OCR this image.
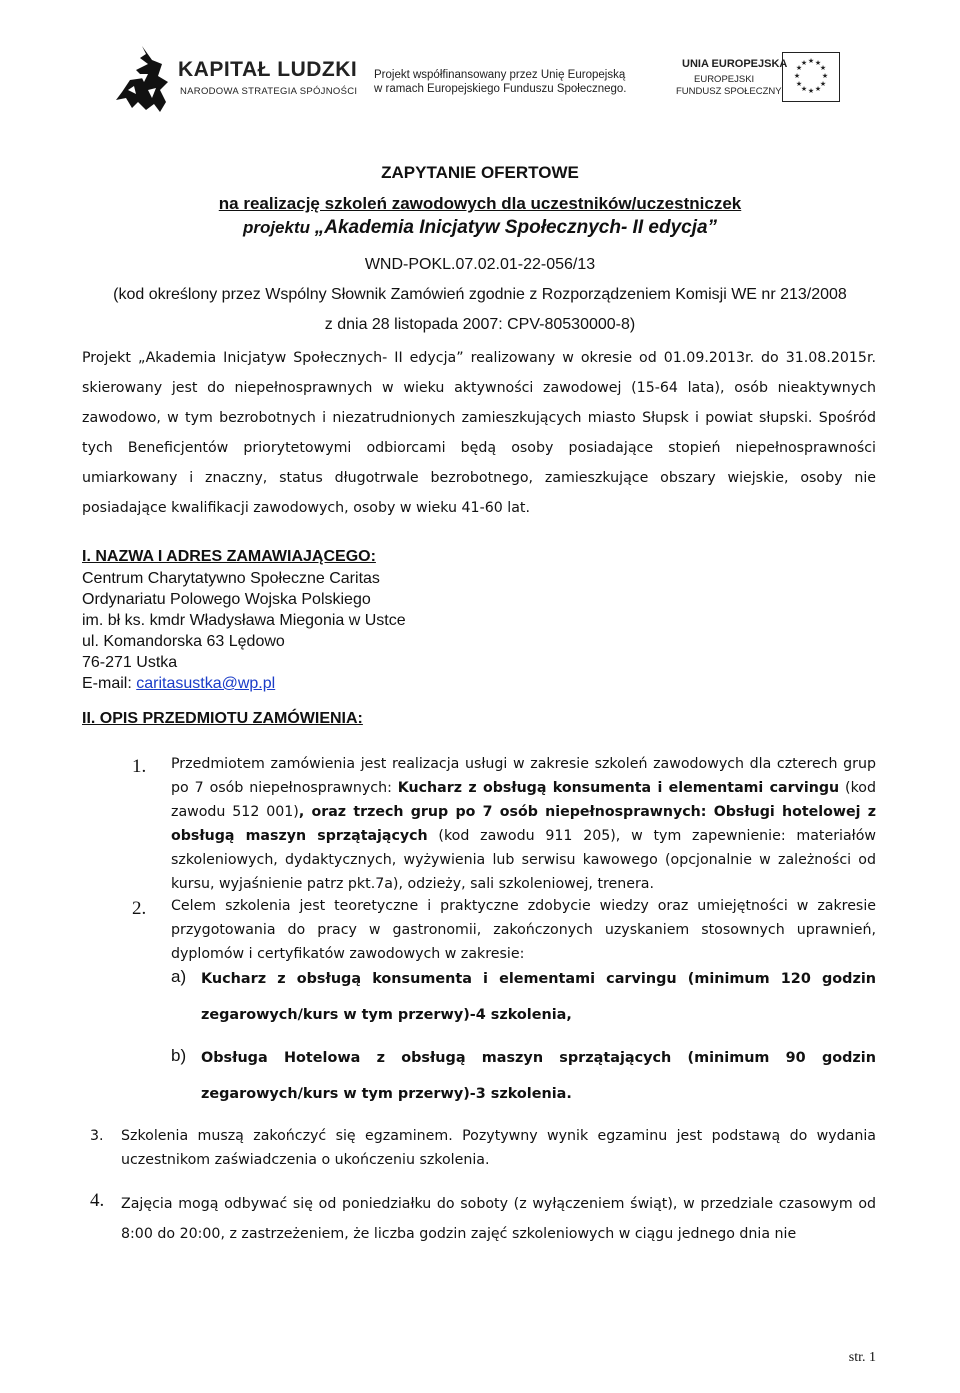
KAPITAŁ LUDZKI
NARODOWA STRATEGIA SPÓJNOŚCI
Projekt współfinansowany przez Unię Europejską
w ramach Europejskiego Funduszu Społecznego.
UNIA EUROPEJSKA
EUROPEJSKI
FUNDUSZ SPOŁECZNY
★ ★
★
★
★
★
★
★
★
★
★
★
ZAPYTANIE OFERTOWE
na realizację szkoleń zawodowych dla uczestników/uczestniczek
projektu „Akademia Inicjatyw Społecznych- II edycja”
WND-POKL.07.02.01-22-056/13
(kod określony przez Wspólny Słownik Zamówień zgodnie z Rozporządzeniem Komisji WE nr 213/2008
z dnia 28 listopada 2007: CPV-80530000-8)
Projekt „Akademia Inicjatyw Społecznych- II edycja” realizowany w okresie od 01.09.2013r. do 31.08.2015r. skierowany jest do niepełnosprawnych w wieku aktywności zawodowej (15-64 lata), osób nieaktywnych zawodowo, w tym bezrobotnych i niezatrudnionych zamieszkujących miasto Słupsk i powiat słupski. Spośród tych Beneficjentów priorytetowymi odbiorcami będą osoby posiadające stopień niepełnosprawności umiarkowany i znaczny, status długotrwale bezrobotnego, zamieszkujące obszary wiejskie, osoby nie posiadające kwalifikacji zawodowych, osoby w wieku 41-60 lat.
I. NAZWA I ADRES ZAMAWIAJĄCEGO:
Centrum Charytatywno Społeczne Caritas
Ordynariatu Polowego Wojska Polskiego
im. bł ks. kmdr Władysława Miegonia w Ustce
ul. Komandorska 63 Lędowo
76-271 Ustka
E-mail: caritasustka@wp.pl
II. OPIS PRZEDMIOTU ZAMÓWIENIA:
1. Przedmiotem zamówienia jest realizacja usługi w zakresie szkoleń zawodowych dla czterech grup po 7 osób niepełnosprawnych: Kucharz z obsługą konsumenta i elementami carvingu (kod zawodu 512 001), oraz trzech grup po 7 osób niepełnosprawnych: Obsługi hotelowej z obsługą maszyn sprzątających (kod zawodu 911 205), w tym zapewnienie: materiałów szkoleniowych, dydaktycznych, wyżywienia lub serwisu kawowego (opcjonalnie w zależności od kursu, wyjaśnienie patrz pkt.7a), odzieży, sali szkoleniowej, trenera.
2. Celem szkolenia jest teoretyczne i praktyczne zdobycie wiedzy oraz umiejętności w zakresie przygotowania do pracy w gastronomii, zakończonych uzyskaniem stosownych uprawnień, dyplomów i certyfikatów zawodowych w zakresie:
a) Kucharz z obsługą konsumenta i elementami carvingu (minimum 120 godzin zegarowych/kurs w tym przerwy)-4 szkolenia,
b) Obsługa Hotelowa z obsługą maszyn sprzątających (minimum 90 godzin zegarowych/kurs w tym przerwy)-3 szkolenia.
3. Szkolenia muszą zakończyć się egzaminem. Pozytywny wynik egzaminu jest podstawą do wydania uczestnikom zaświadczenia o ukończeniu szkolenia.
4. Zajęcia mogą odbywać się od poniedziałku do soboty (z wyłączeniem świąt), w przedziale czasowym od 8:00 do 20:00, z zastrzeżeniem, że liczba godzin zajęć szkoleniowych w ciągu jednego dnia nie
str. 1
